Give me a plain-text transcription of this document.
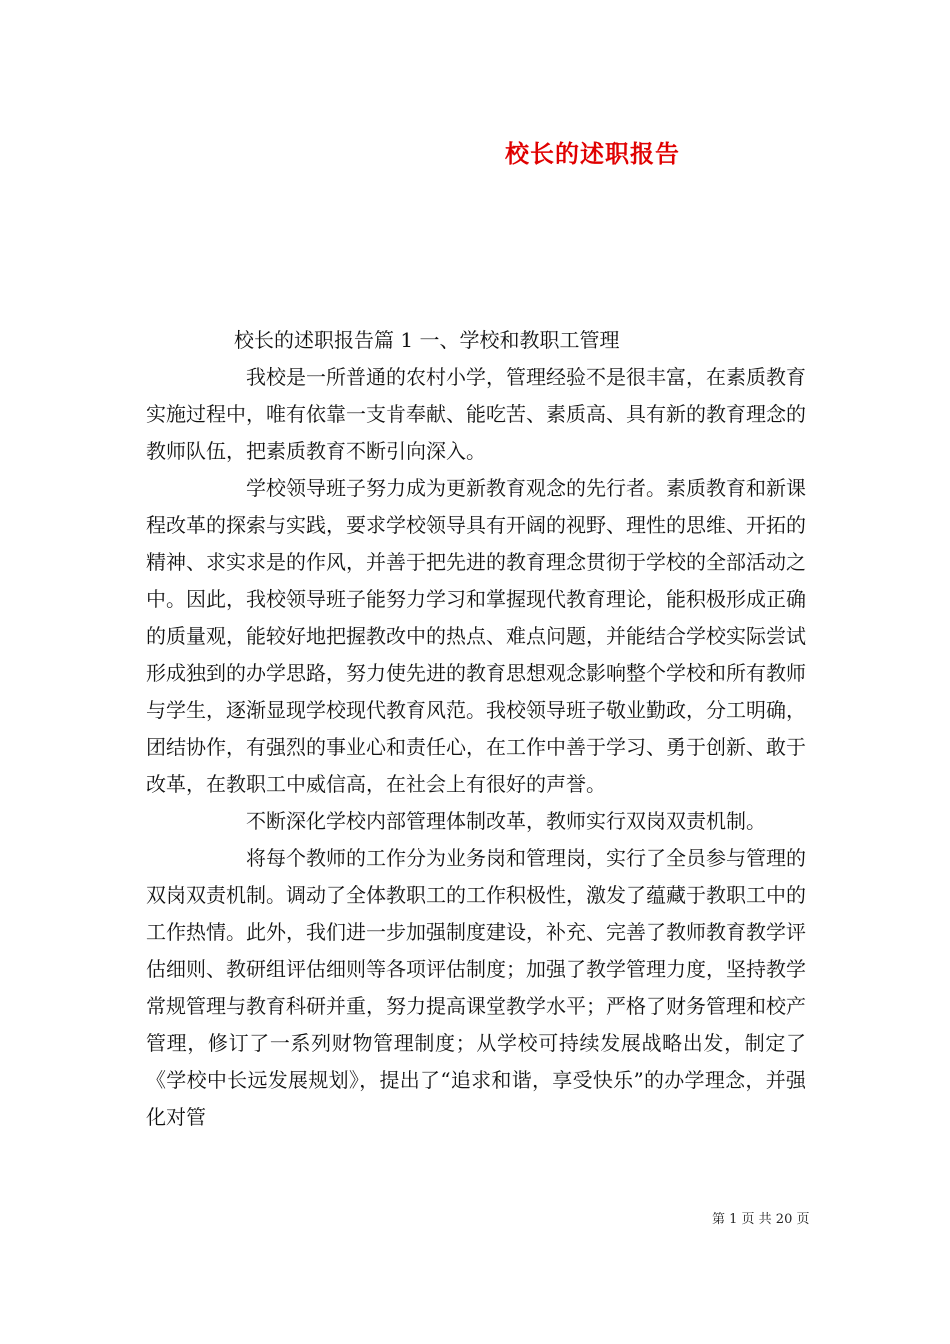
校长的述职报告

校长的述职报告篇 1 一、学校和教职工管理

我校是一所普通的农村小学，管理经验不是很丰富，在素质教育实施过程中，唯有依靠一支肯奉献、能吃苦、素质高、具有新的教育理念的教师队伍，把素质教育不断引向深入。

学校领导班子努力成为更新教育观念的先行者。素质教育和新课程改革的探索与实践，要求学校领导具有开阔的视野、理性的思维、开拓的精神、求实求是的作风，并善于把先进的教育理念贯彻于学校的全部活动之中。因此，我校领导班子能努力学习和掌握现代教育理论，能积极形成正确的质量观，能较好地把握教改中的热点、难点问题，并能结合学校实际尝试形成独到的办学思路，努力使先进的教育思想观念影响整个学校和所有教师与学生，逐渐显现学校现代教育风范。我校领导班子敬业勤政，分工明确，团结协作，有强烈的事业心和责任心，在工作中善于学习、勇于创新、敢于改革，在教职工中威信高，在社会上有很好的声誉。

不断深化学校内部管理体制改革，教师实行双岗双责机制。

将每个教师的工作分为业务岗和管理岗，实行了全员参与管理的双岗双责机制。调动了全体教职工的工作积极性，激发了蕴藏于教职工中的工作热情。此外，我们进一步加强制度建设，补充、完善了教师教育教学评估细则、教研组评估细则等各项评估制度；加强了教学管理力度，坚持教学常规管理与教育科研并重，努力提高课堂教学水平；严格了财务管理和校产管理，修订了一系列财物管理制度；从学校可持续发展战略出发，制定了《学校中长远发展规划》，提出了“追求和谐，享受快乐”的办学理念，并强化对管

第 1 页 共 20 页
